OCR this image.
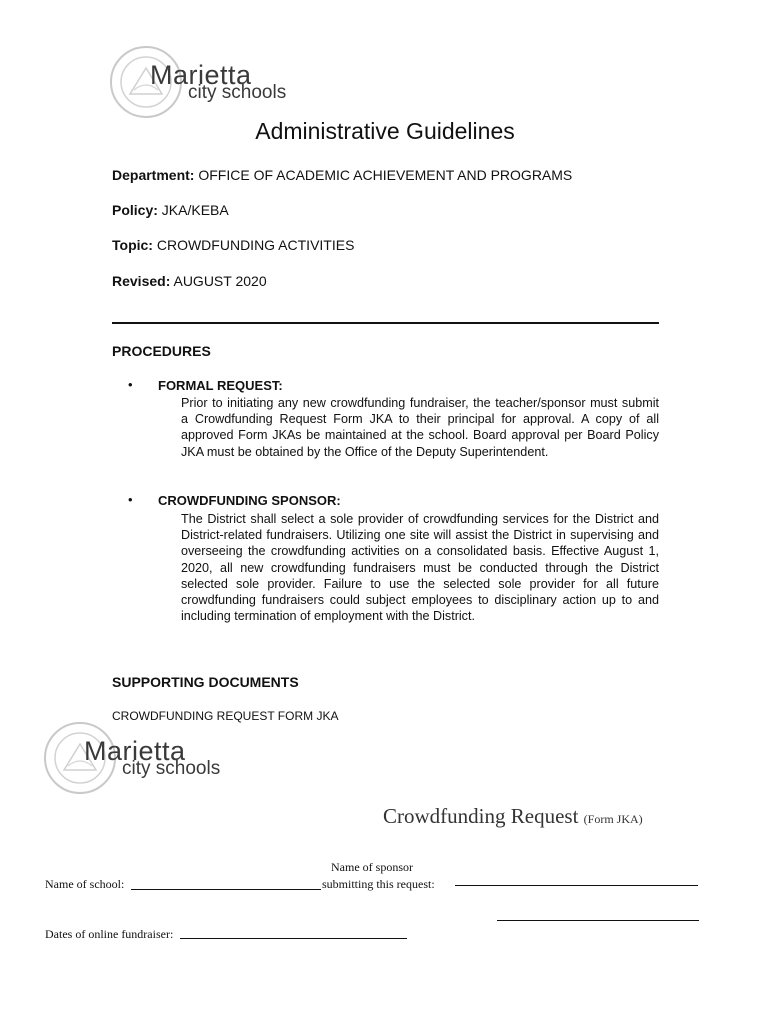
Marietta
city schools
Administrative Guidelines
Department: OFFICE OF ACADEMIC ACHIEVEMENT AND PROGRAMS
Policy: JKA/KEBA
Topic: CROWDFUNDING ACTIVITIES
Revised: AUGUST 2020
PROCEDURES
• FORMAL REQUEST:
Prior to initiating any new crowdfunding fundraiser, the teacher/sponsor must submit a Crowdfunding Request Form JKA to their principal for approval. A copy of all approved Form JKAs be maintained at the school. Board approval per Board Policy JKA must be obtained by the Office of the Deputy Superintendent.
• CROWDFUNDING SPONSOR:
The District shall select a sole provider of crowdfunding services for the District and District-related fundraisers. Utilizing one site will assist the District in supervising and overseeing the crowdfunding activities on a consolidated basis. Effective August 1, 2020, all new crowdfunding fundraisers must be conducted through the District selected sole provider. Failure to use the selected sole provider for all future crowdfunding fundraisers could subject employees to disciplinary action up to and including termination of employment with the District.
SUPPORTING DOCUMENTS
CROWDFUNDING REQUEST FORM JKA
Marietta
city schools
Crowdfunding Request (Form JKA)
Name of sponsor
Name of school:	submitting this request:
Dates of online fundraiser:
